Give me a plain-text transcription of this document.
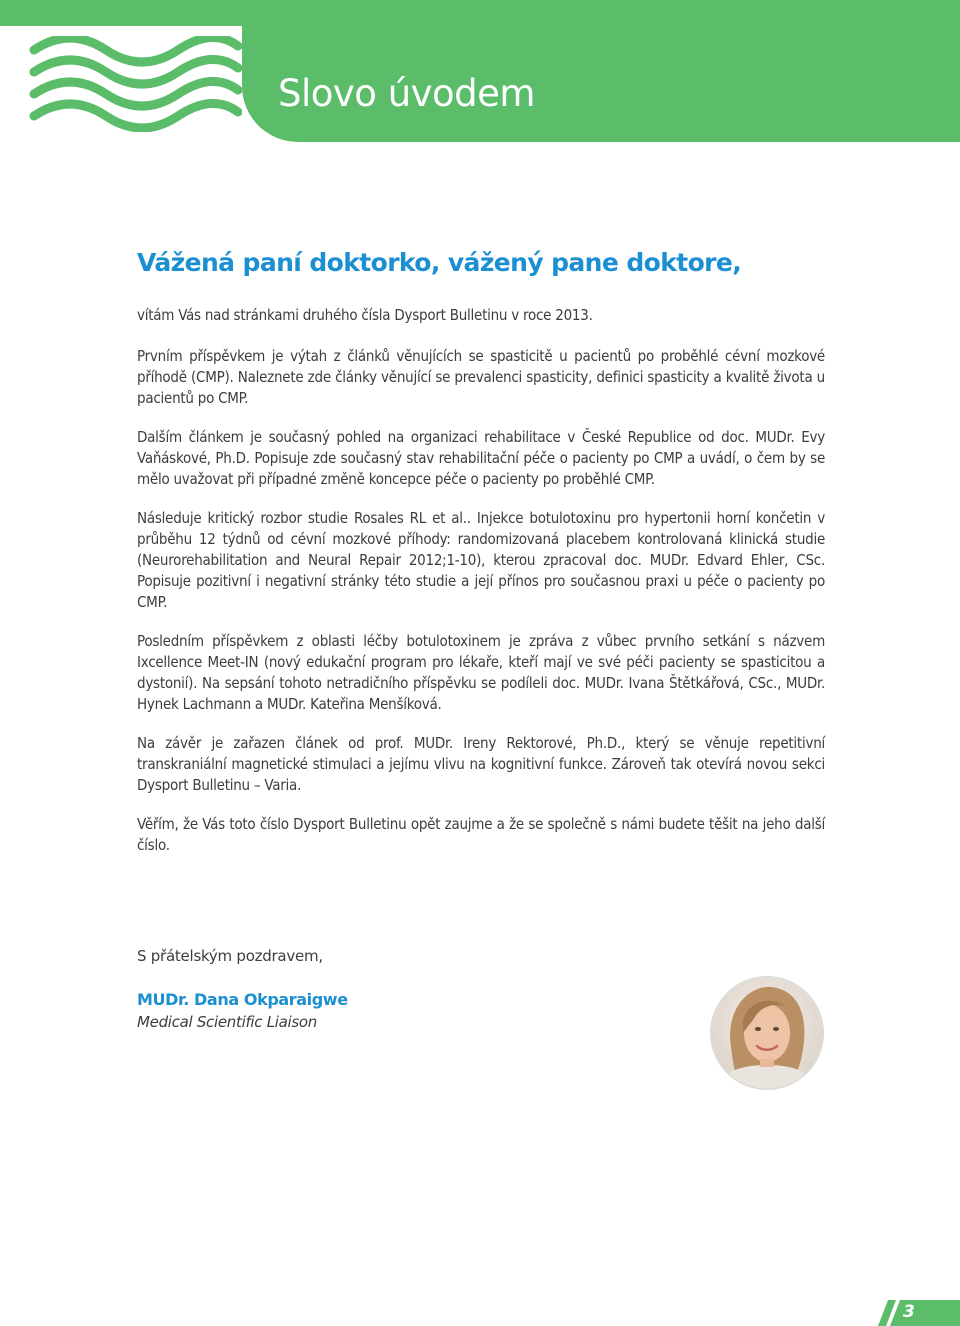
Slovo úvodem
Vážená paní doktorko, vážený pane doktore,

vítám Vás nad stránkami druhého čísla Dysport Bulletinu v roce 2013.

Prvním příspěvkem je výtah z článků věnujících se spasticitě u pacientů po proběhlé cévní mozkové příhodě (CMP). Naleznete zde články věnující se prevalenci spasticity, definici spasticity a kvalitě života u pacientů po CMP.

Dalším článkem je současný pohled na organizaci rehabilitace v České Republice od doc. MUDr. Evy Vaňáskové, Ph.D. Popisuje zde současný stav rehabilitační péče o pacienty po CMP a uvádí, o čem by se mělo uvažovat při případné změně koncepce péče o pacienty po proběhlé CMP.

Následuje kritický rozbor studie Rosales RL et al.. Injekce botulotoxinu pro hypertonii horní končetin v průběhu 12 týdnů od cévní mozkové příhody: randomizovaná placebem kontrolovaná klinická studie (Neurorehabilitation and Neural Repair 2012;1-10), kterou zpracoval doc. MUDr. Edvard Ehler, CSc. Popisuje pozitivní i negativní stránky této studie a její přínos pro současnou praxi u péče o pacienty po CMP.

Posledním příspěvkem z oblasti léčby botulotoxinem je zpráva z vůbec prvního setkání s názvem Ixcellence Meet-IN (nový edukační program pro lékaře, kteří mají ve své péči pacienty se spasticitou a dystonií). Na sepsání tohoto netradičního příspěvku se podíleli doc. MUDr. Ivana Štětkářová, CSc., MUDr. Hynek Lachmann a MUDr. Kateřina Menšíková.

Na závěr je zařazen článek od prof. MUDr. Ireny Rektorové, Ph.D., který se věnuje repetitivní transkraniální magnetické stimulaci a jejímu vlivu na kognitivní funkce. Zároveň tak otevírá novou sekci Dysport Bulletinu – Varia.

Věřím, že Vás toto číslo Dysport Bulletinu opět zaujme a že se společně s námi budete těšit na jeho další číslo.

S přátelským pozdravem,

MUDr. Dana Okparaigwe

Medical Scientific Liaison

3
